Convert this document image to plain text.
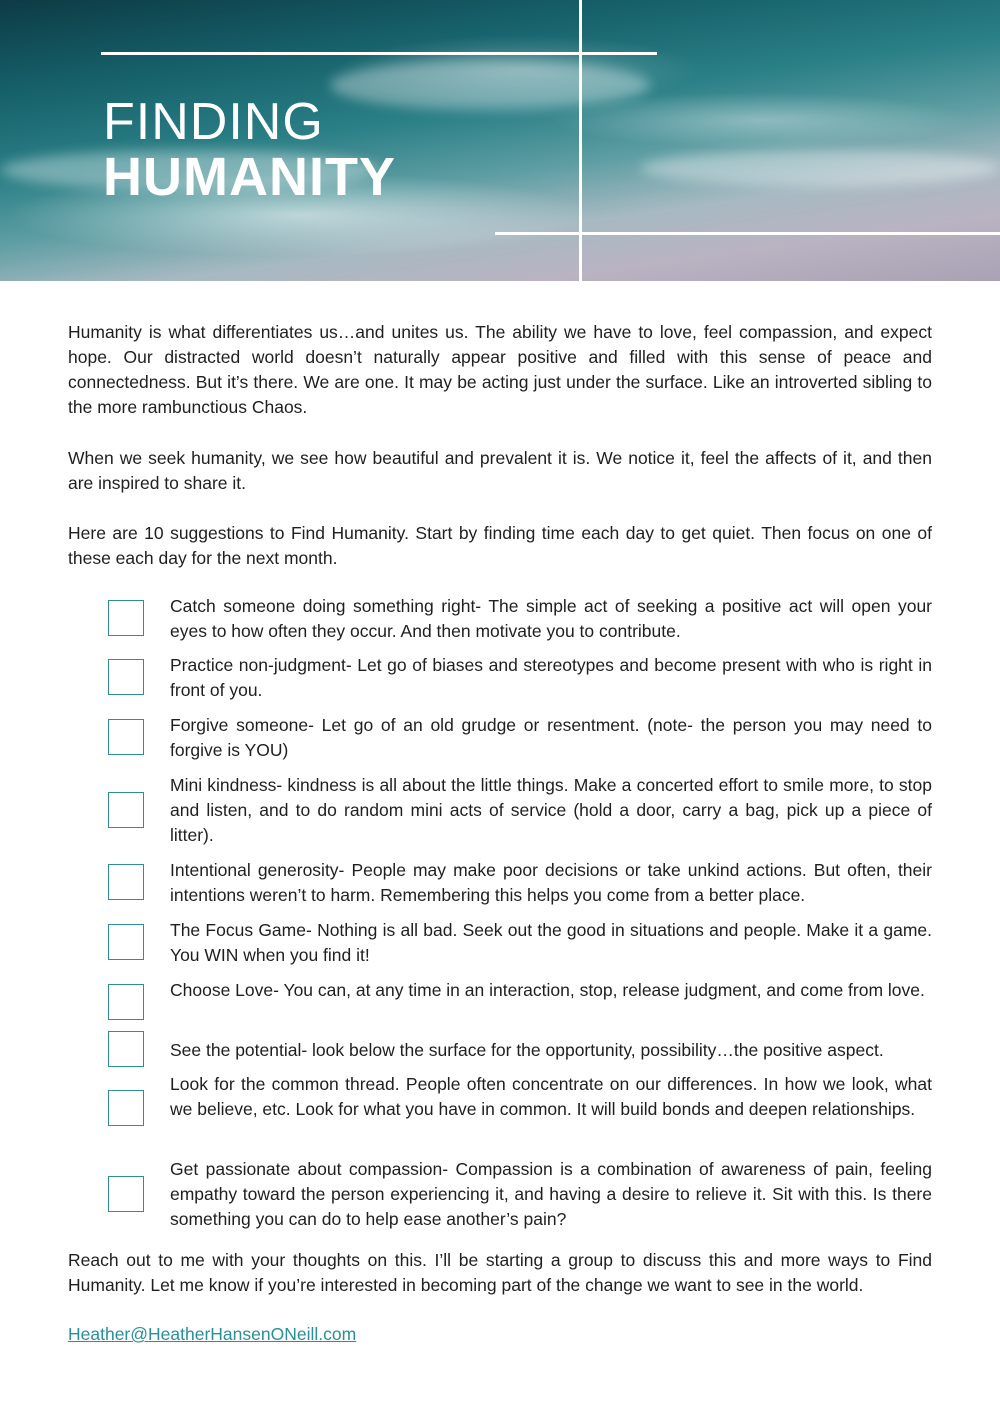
FINDING
HUMANITY

Humanity is what differentiates us…and unites us. The ability we have to love, feel compassion, and expect hope. Our distracted world doesn’t naturally appear positive and filled with this sense of peace and connectedness. But it’s there. We are one. It may be acting just under the surface. Like an introverted sibling to the more rambunctious Chaos.

When we seek humanity, we see how beautiful and prevalent it is. We notice it, feel the affects of it, and then are inspired to share it.

Here are 10 suggestions to Find Humanity. Start by finding time each day to get quiet. Then focus on one of these each day for the next month.

Catch someone doing something right- The simple act of seeking a positive act will open your eyes to how often they occur. And then motivate you to contribute.
Practice non-judgment- Let go of biases and stereotypes and become present with who is right in front of you.
Forgive someone- Let go of an old grudge or resentment. (note- the person you may need to forgive is YOU)
Mini kindness- kindness is all about the little things. Make a concerted effort to smile more, to stop and listen, and to do random mini acts of service (hold a door, carry a bag, pick up a piece of litter).
Intentional generosity- People may make poor decisions or take unkind actions. But often, their intentions weren’t to harm. Remembering this helps you come from a better place.
The Focus Game- Nothing is all bad. Seek out the good in situations and people. Make it a game. You WIN when you find it!
Choose Love- You can, at any time in an interaction, stop, release judgment, and come from love.
See the potential- look below the surface for the opportunity, possibility…the positive aspect.
Look for the common thread. People often concentrate on our differences. In how we look, what we believe, etc. Look for what you have in common. It will build bonds and deepen relationships.
Get passionate about compassion- Compassion is a combination of awareness of pain, feeling empathy toward the person experiencing it, and having a desire to relieve it. Sit with this. Is there something you can do to help ease another’s pain?

Reach out to me with your thoughts on this. I’ll be starting a group to discuss this and more ways to Find Humanity. Let me know if you’re interested in becoming part of the change we want to see in the world.

Heather@HeatherHansenONeill.com
